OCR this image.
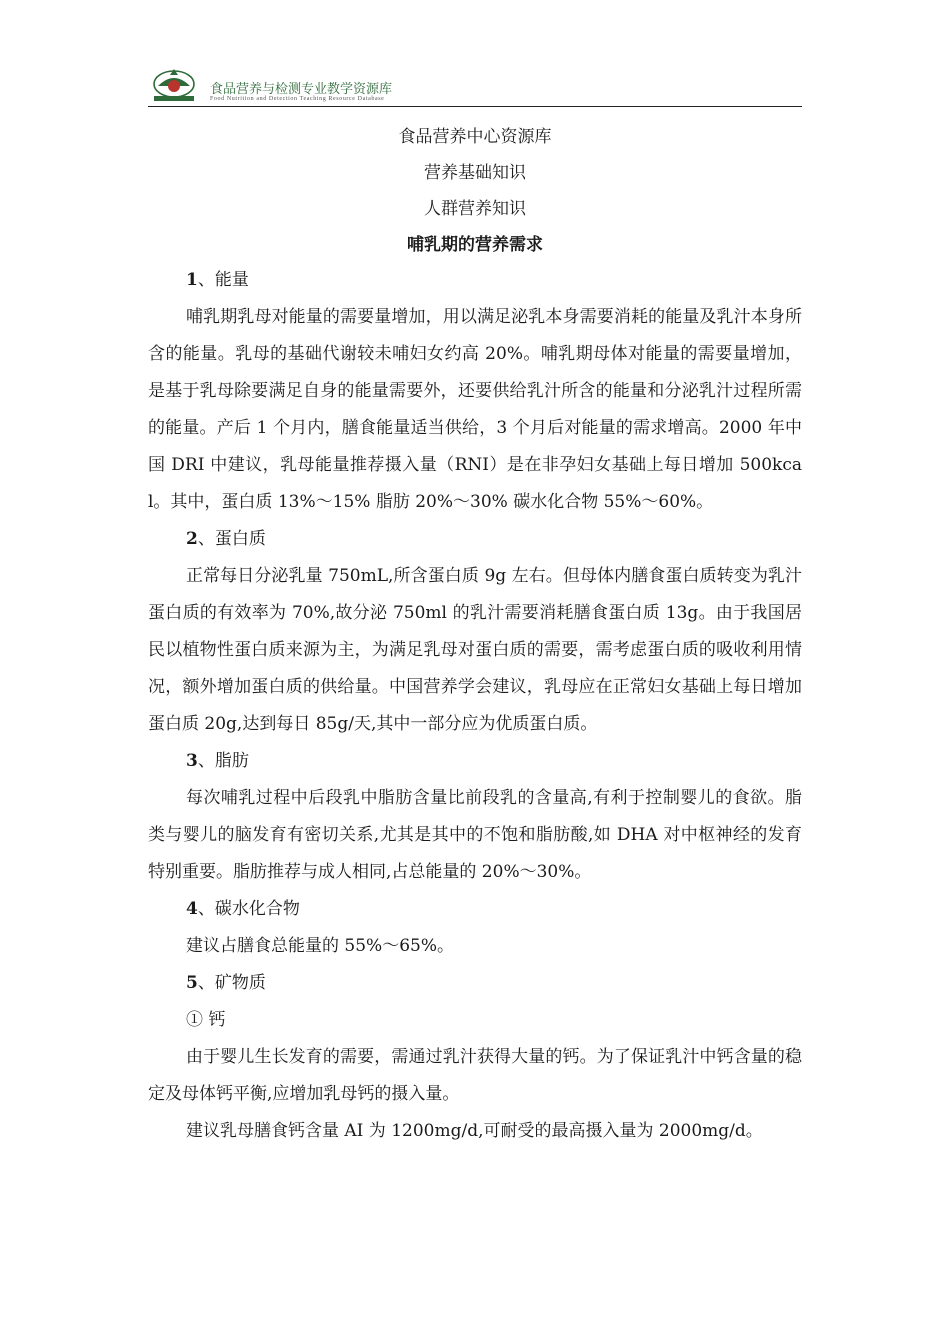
食品营养与检测专业教学资源库
Food Nutrition and Detection Teaching Resource Database
食品营养中心资源库
营养基础知识
人群营养知识
哺乳期的营养需求

1、能量

哺乳期乳母对能量的需要量增加，用以满足泌乳本身需要消耗的能量及乳汁本身所含的能量。乳母的基础代谢较未哺妇女约高 20%。哺乳期母体对能量的需要量增加，是基于乳母除要满足自身的能量需要外，还要供给乳汁所含的能量和分泌乳汁过程所需的能量。产后 1 个月内，膳食能量适当供给，3 个月后对能量的需求增高。2000 年中国 DRI 中建议，乳母能量推荐摄入量（RNI）是在非孕妇女基础上每日增加 500kcal。其中，蛋白质 13%～15% 脂肪 20%～30% 碳水化合物 55%～60%。

2、蛋白质

正常每日分泌乳量 750mL,所含蛋白质 9g 左右。但母体内膳食蛋白质转变为乳汁蛋白质的有效率为 70%,故分泌 750ml 的乳汁需要消耗膳食蛋白质 13g。由于我国居民以植物性蛋白质来源为主，为满足乳母对蛋白质的需要，需考虑蛋白质的吸收利用情况，额外增加蛋白质的供给量。中国营养学会建议，乳母应在正常妇女基础上每日增加蛋白质 20g,达到每日 85g/天,其中一部分应为优质蛋白质。

3、脂肪

每次哺乳过程中后段乳中脂肪含量比前段乳的含量高,有利于控制婴儿的食欲。脂类与婴儿的脑发育有密切关系,尤其是其中的不饱和脂肪酸,如 DHA 对中枢神经的发育特别重要。脂肪推荐与成人相同,占总能量的 20%～30%。

4、碳水化合物

建议占膳食总能量的 55%～65%。

5、矿物质

① 钙

由于婴儿生长发育的需要，需通过乳汁获得大量的钙。为了保证乳汁中钙含量的稳定及母体钙平衡,应增加乳母钙的摄入量。

建议乳母膳食钙含量 AI 为 1200mg/d,可耐受的最高摄入量为 2000mg/d。
